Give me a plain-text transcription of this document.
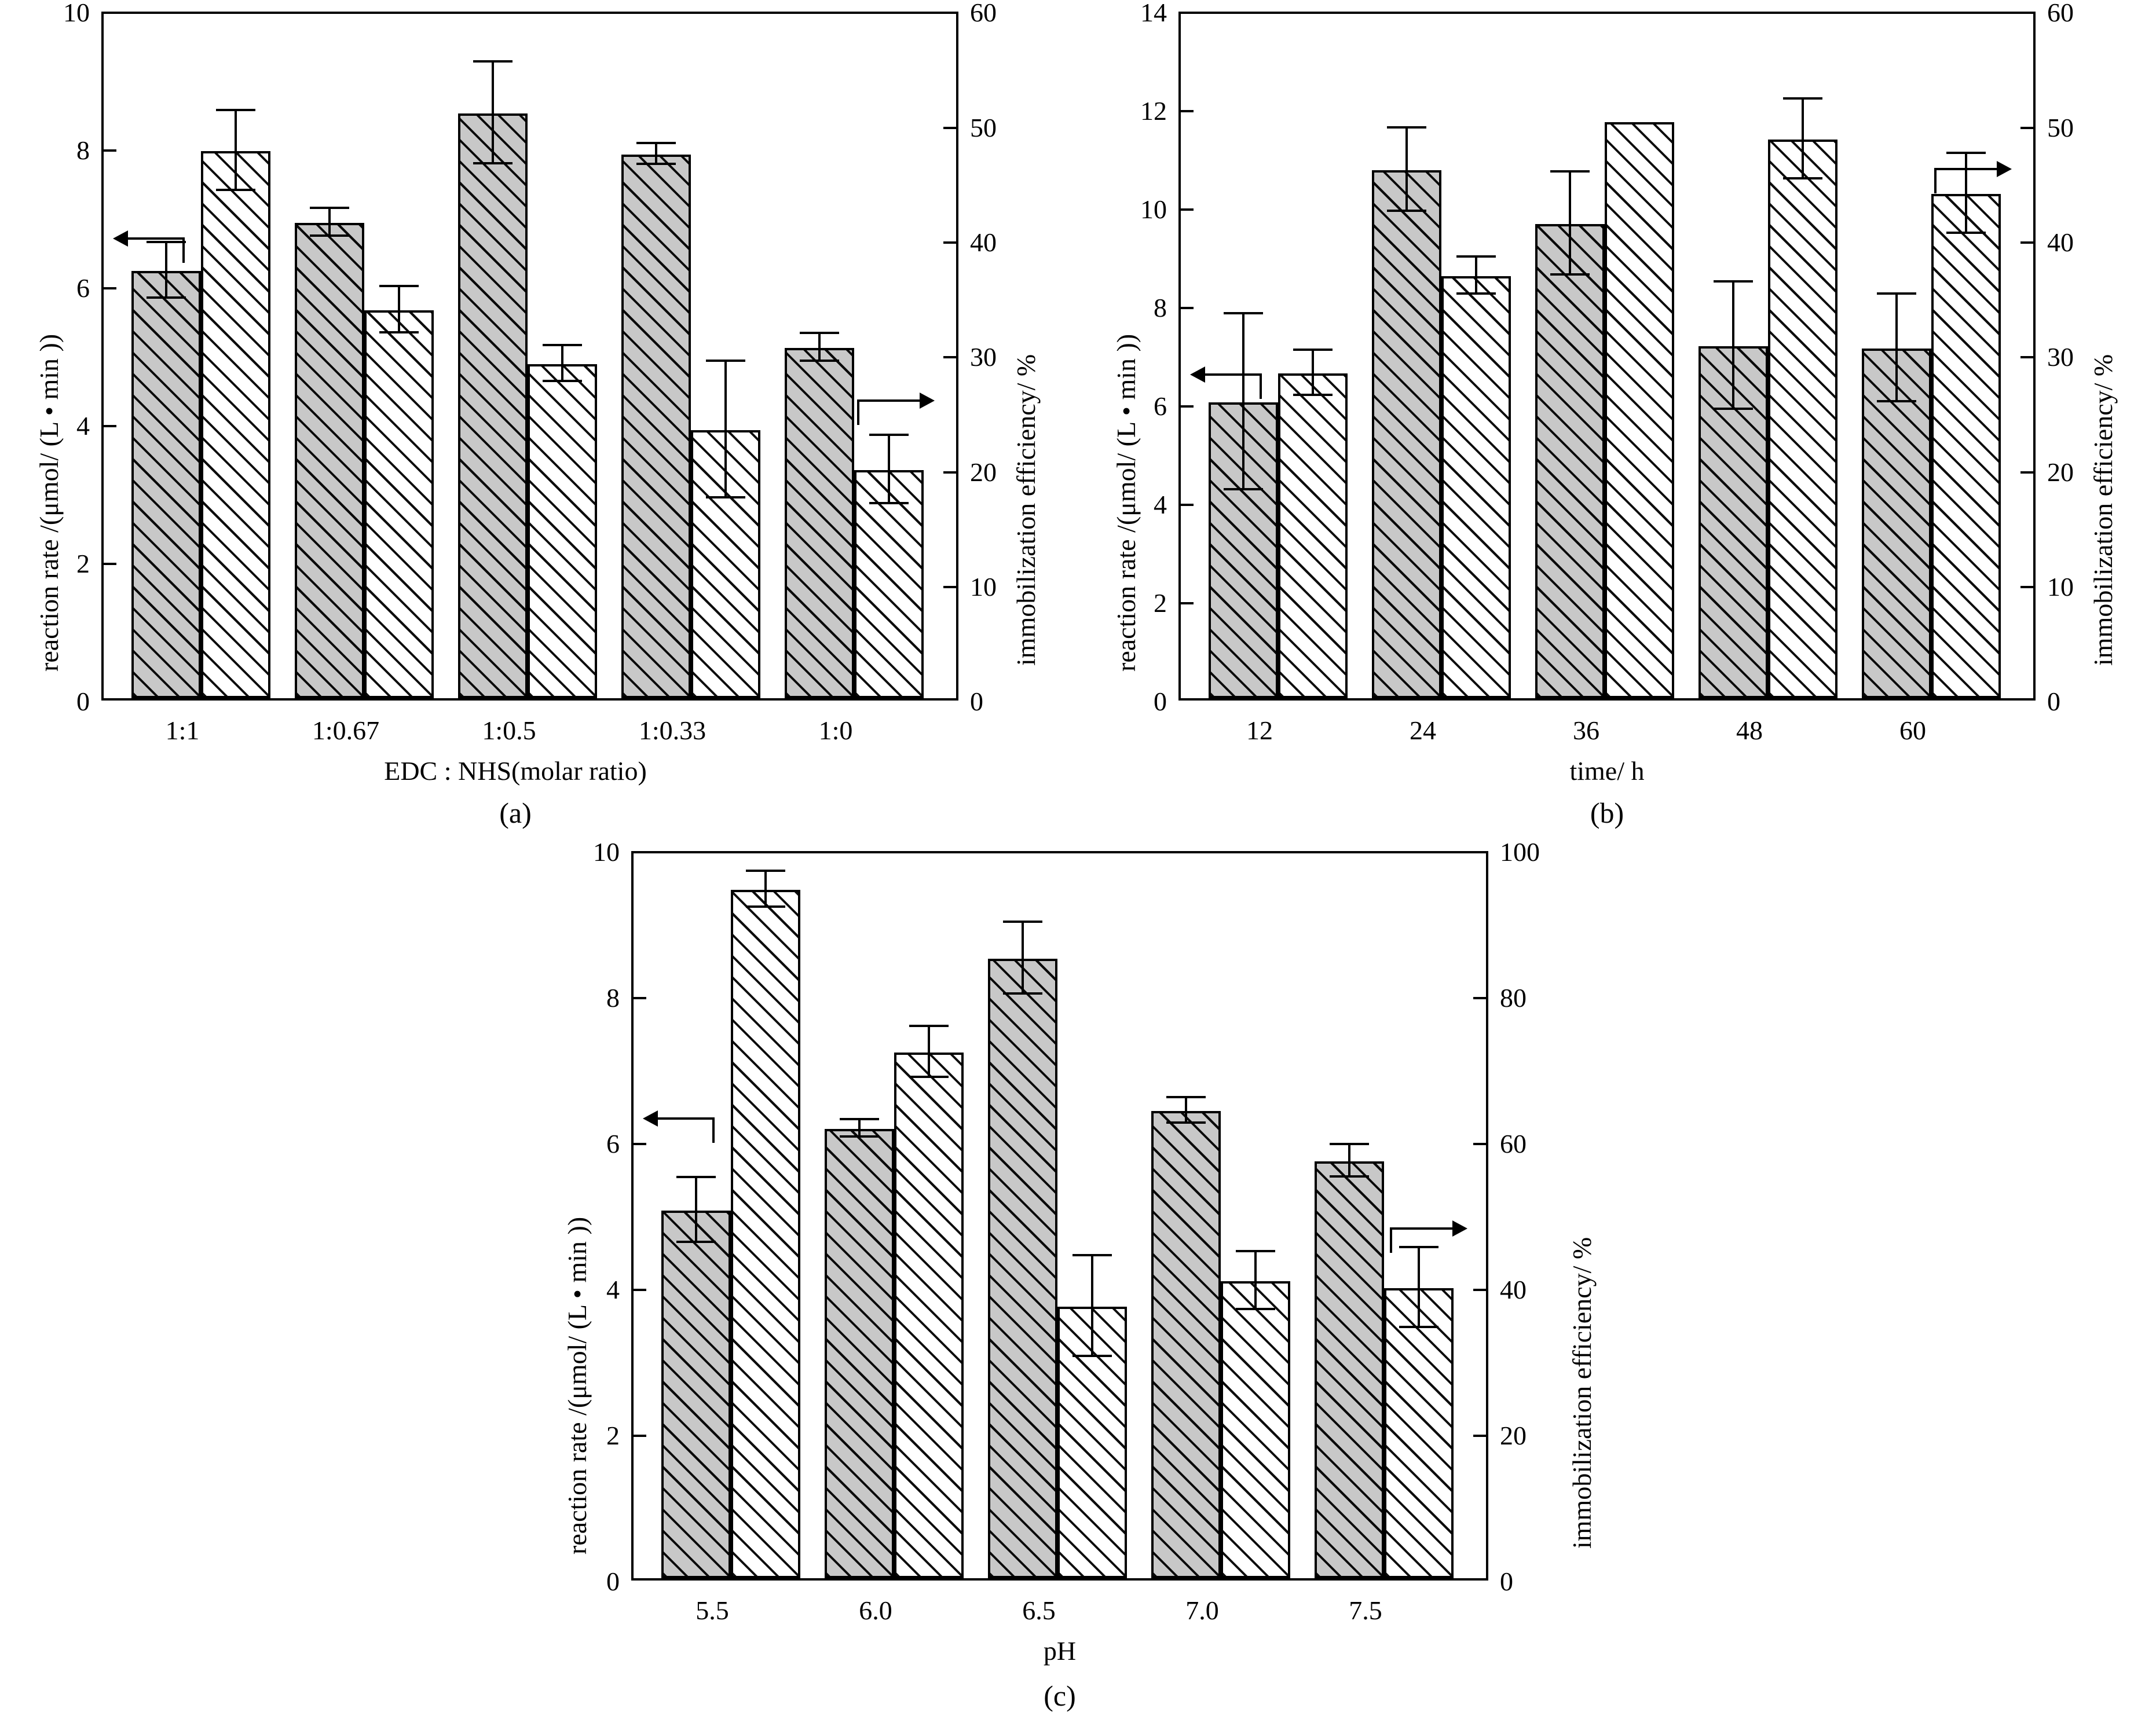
reaction rate /(μmol/ (L • min ))	immobilization efficiency/ %
0
2
4
6
8
10
0
10
20
30
40
50
60
1:1	1:0.67	1:0.5	1:0.33	1:0
EDC : NHS(molar ratio)
(a)
reaction rate /(μmol/ (L • min ))	immobilization efficiency/ %
0
2
4
6
8
10
12
14
0
10
20
30
40
50
60
12	24	36	48	60
time/ h
(b)
reaction rate /(μmol/ (L • min ))	immobilization efficiency/ %
0
2
4
6
8
10
0
20
40
60
80
100
5.5	6.0	6.5	7.0	7.5
pH
(c)
